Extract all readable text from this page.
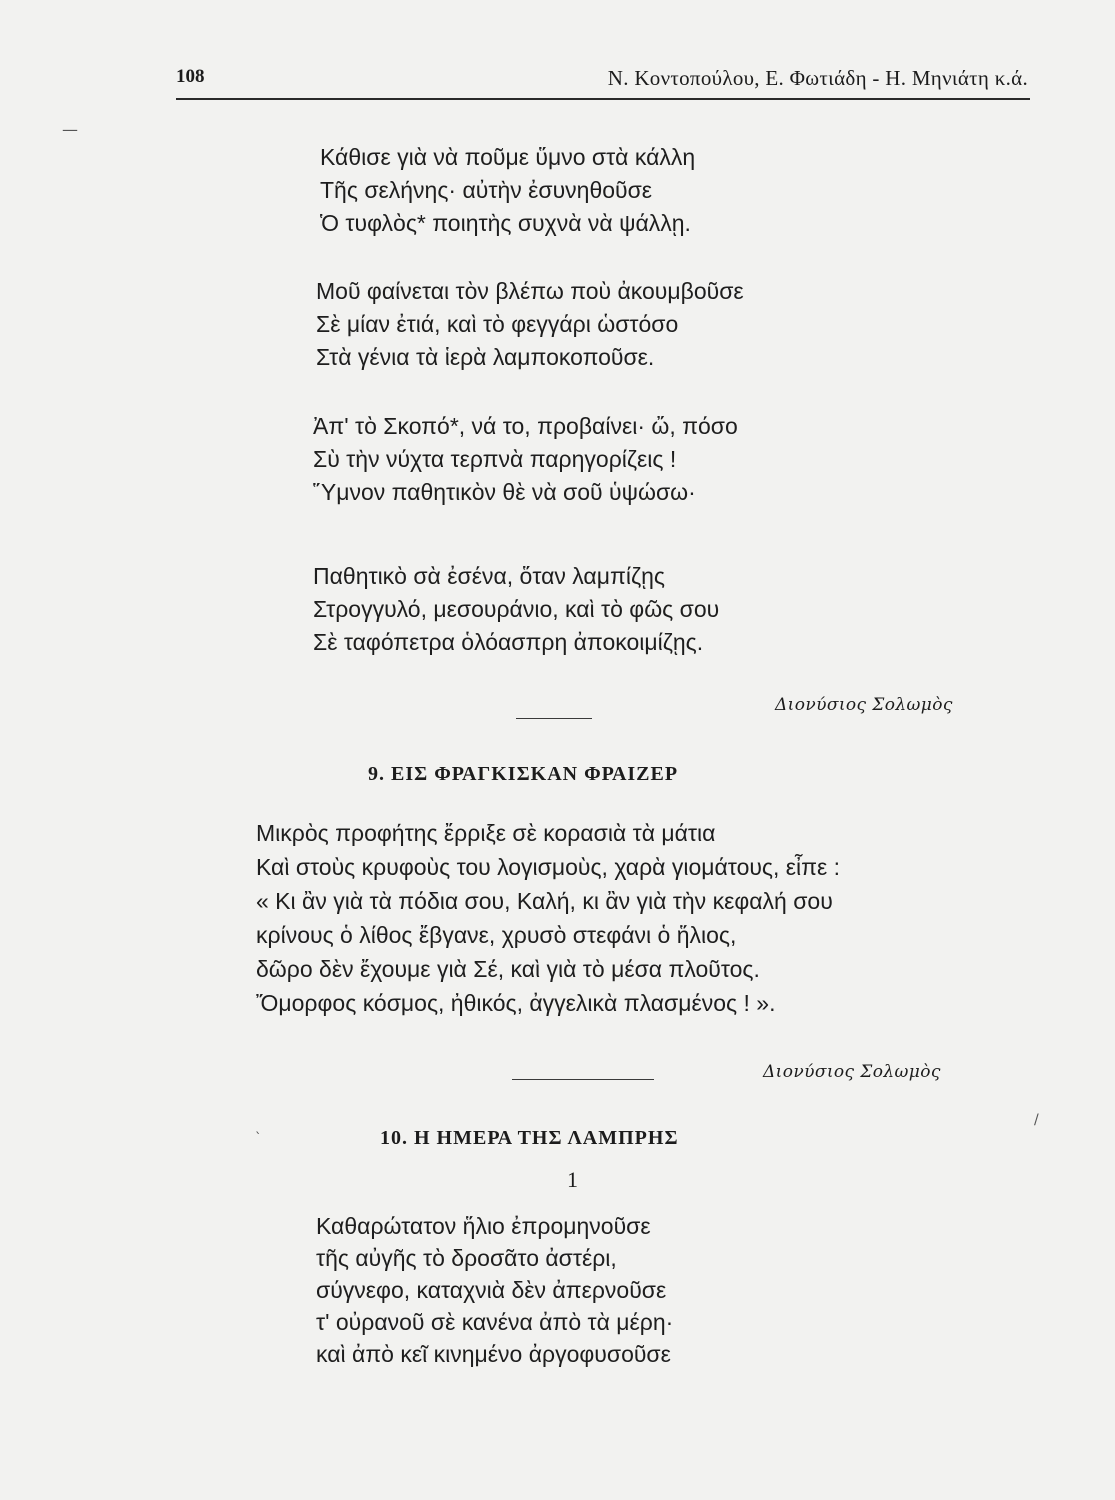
108	Ν. Κοντοπούλου, Ε. Φωτιάδη - Η. Μηνιάτη κ.ά.
—
Κάθισε γιὰ νὰ ποῦμε ὕμνο στὰ κάλλη
Τῆς σελήνης· αὐτὴν ἐσυνηθοῦσε
Ὁ τυφλὸς* ποιητὴς συχνὰ νὰ ψάλλῃ.
Μοῦ φαίνεται τὸν βλέπω ποὺ ἀκουμβοῦσε
Σὲ μίαν ἐτιά, καὶ τὸ φεγγάρι ὡστόσο
Στὰ γένια τὰ ἱερὰ λαμποκοποῦσε.
Ἀπ' τὸ Σκοπό*, νά το, προβαίνει· ὤ, πόσο
Σὺ τὴν νύχτα τερπνὰ παρηγορίζεις !
Ὕμνον παθητικὸν θὲ νὰ σοῦ ὑψώσω·
Παθητικὸ σὰ ἐσένα, ὅταν λαμπίζῃς
Στρογγυλό, μεσουράνιο, καὶ τὸ φῶς σου
Σὲ ταφόπετρα ὁλόασπρη ἀποκοιμίζῃς.
Διονύσιος Σολωμὸς
9. ΕΙΣ ΦΡΑΓΚΙΣΚΑΝ ΦΡΑΙΖΕΡ
Μικρὸς προφήτης ἔρριξε σὲ κορασιὰ τὰ μάτια
Καὶ στοὺς κρυφοὺς του λογισμοὺς, χαρὰ γιομάτους, εἶπε :
« Κι ἂν γιὰ τὰ πόδια σου, Καλή, κι ἂν γιὰ τὴν κεφαλή σου
κρίνους ὁ λίθος ἔβγανε, χρυσὸ στεφάνι ὁ ἥλιος,
δῶρο δὲν ἔχουμε γιὰ Σέ, καὶ γιὰ τὸ μέσα πλοῦτος.
Ὄμορφος κόσμος, ἠθικός, ἀγγελικὰ πλασμένος ! ».
Διονύσιος Σολωμὸς
ˎ	/
10. Η ΗΜΕΡΑ ΤΗΣ ΛΑΜΠΡΗΣ
1
Καθαρώτατον ἥλιο ἐπρομηνοῦσε
τῆς αὐγῆς τὸ δροσᾶτο ἀστέρι,
σύγνεφο, καταχνιὰ δὲν ἀπερνοῦσε
τ' οὐρανοῦ σὲ κανένα ἀπὸ τὰ μέρη·
καὶ ἀπὸ κεῖ κινημένο ἀργοφυσοῦσε
